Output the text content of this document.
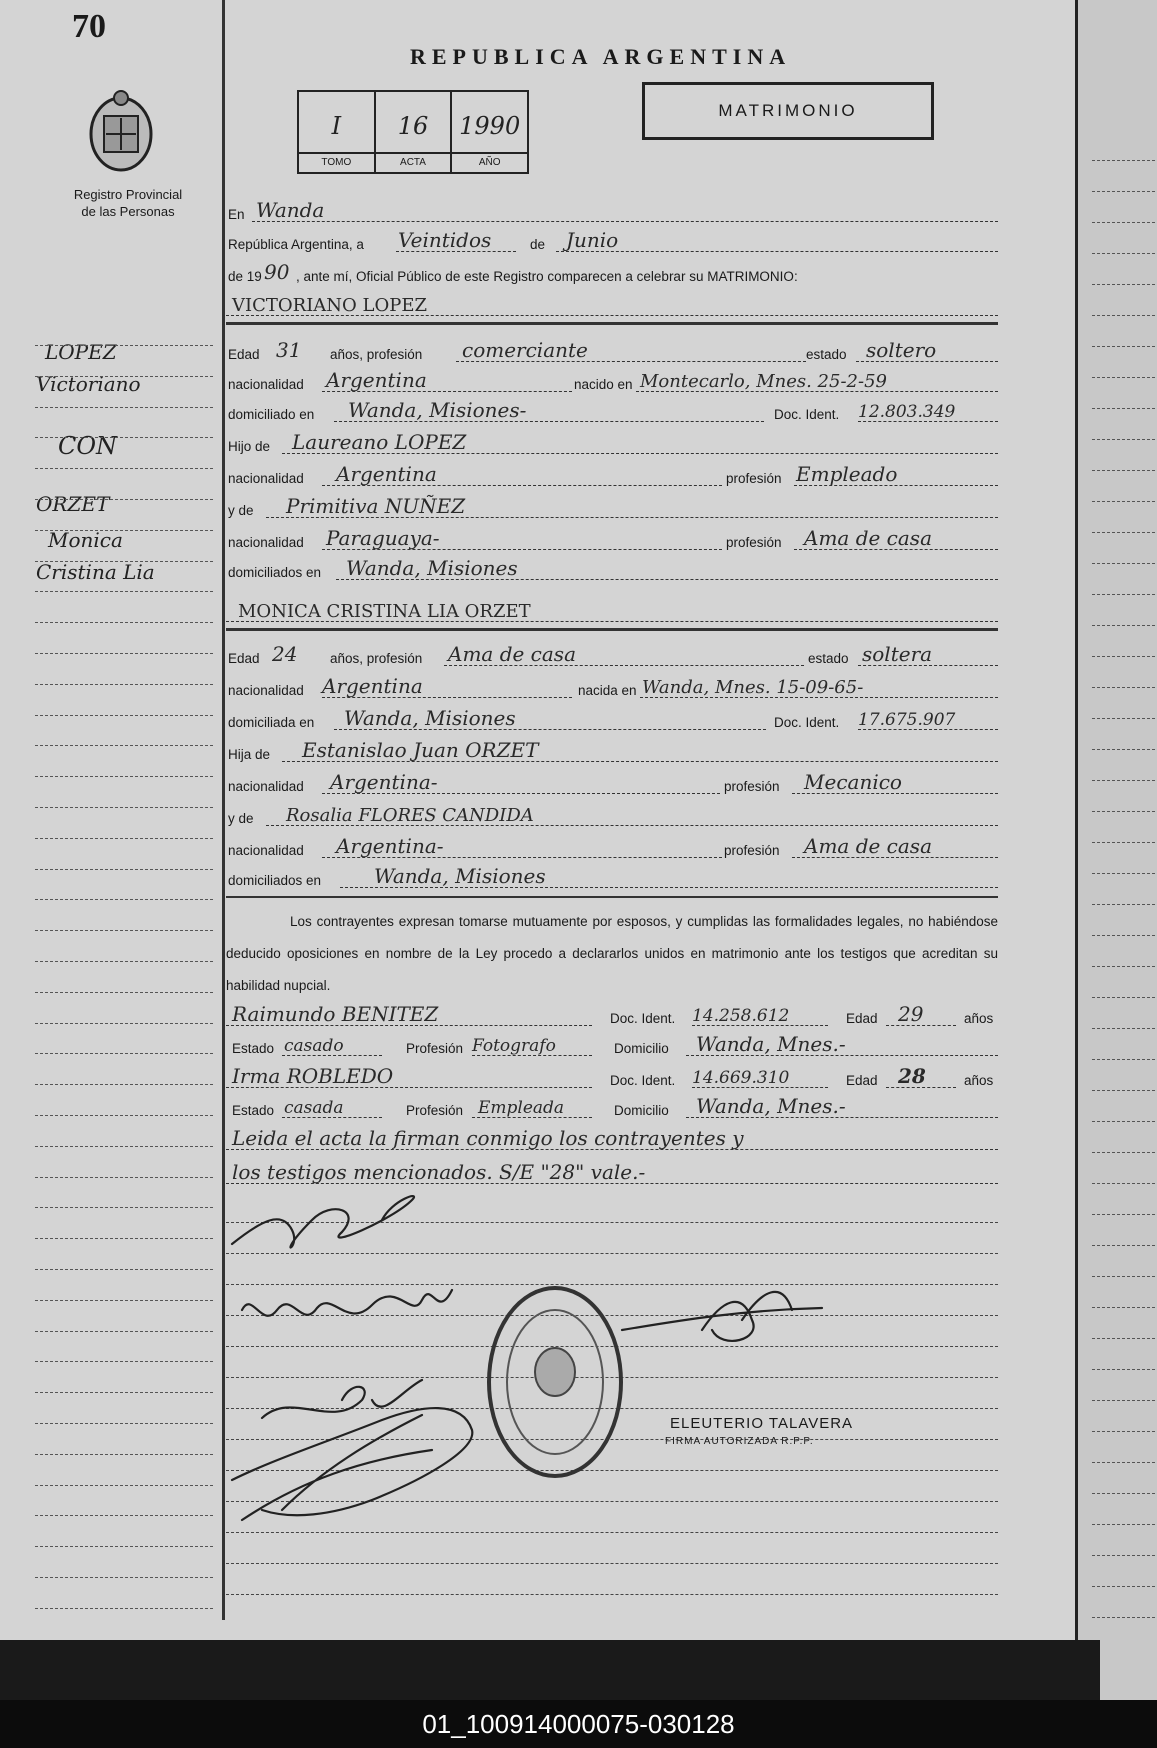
70
Registro Provincial
de las Personas
LOPEZ
Victoriano
CON
ORZET
Monica
Cristina Lia
REPUBLICA ARGENTINA
I
TOMO
16
ACTA
1990
AÑO
MATRIMONIO
En Wanda
República Argentina, a Veintidos	de Junio
de 19 90 , ante mí, Oficial Público de este Registro comparecen a celebrar su MATRIMONIO:
VICTORIANO LOPEZ
Edad 31 años, profesión comerciante	estado soltero
nacionalidad Argentina	nacido en Montecarlo, Mnes. 25-2-59
domiciliado en Wanda, Misiones-	Doc. Ident. 12.803.349
Hijo de Laureano LOPEZ
nacionalidad Argentina	profesión Empleado
y de Primitiva NUÑEZ
nacionalidad Paraguaya-	profesión Ama de casa
domiciliados en Wanda, Misiones
MONICA CRISTINA LIA ORZET
Edad 24 años, profesión Ama de casa	estado soltera
nacionalidad Argentina	nacida en Wanda, Mnes. 15-09-65-
domiciliada en Wanda, Misiones	Doc. Ident. 17.675.907
Hija de Estanislao Juan ORZET
nacionalidad Argentina-	profesión Mecanico
y de Rosalia FLORES CANDIDA
nacionalidad Argentina-	profesión Ama de casa
domiciliados en	Wanda, Misiones
Los contrayentes expresan tomarse mutuamente por esposos, y cumplidas las formalidades legales, no habiéndose deducido oposiciones en nombre de la Ley procedo a declararlos unidos en matrimonio ante los testigos que acreditan su habilidad nupcial.
Raimundo BENITEZ	Doc. Ident. 14.258.612	Edad 29	años
Estado casado	Profesión Fotografo	Domicilio Wanda, Mnes.-
Irma ROBLEDO	Doc. Ident. 14.669.310	Edad 28	años
Estado casada	Profesión Empleada	Domicilio Wanda, Mnes.-
Leida el acta la firman conmigo los contrayentes y
los testigos mencionados. S/E "28" vale.-
ELEUTERIO TALAVERA
FIRMA AUTORIZADA R.P.P.
01_100914000075-030128
